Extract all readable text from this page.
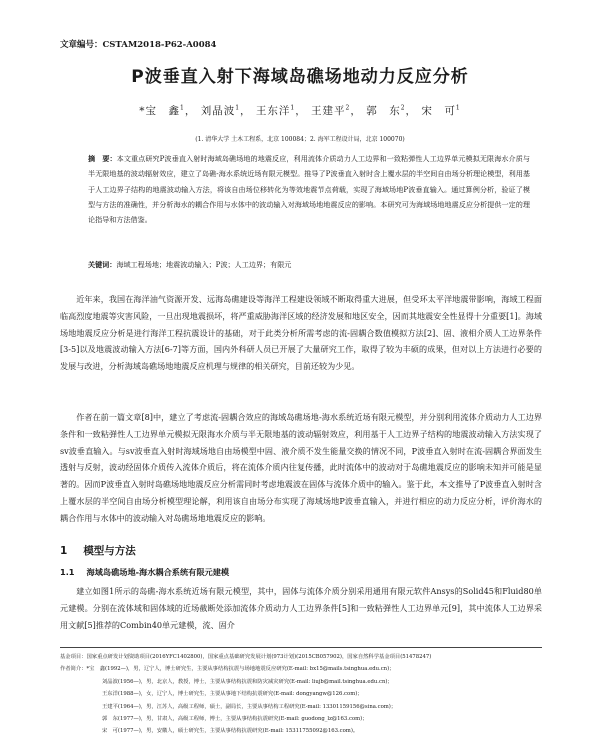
文章编号：CSTAM2018-P62-A0084
P波垂直入射下海域岛礁场地动力反应分析
*宝　鑫$^1$， 刘晶波$^1$， 王东洋$^1$， 王建平$^2$， 郭　东$^2$， 宋　可$^1$
(1. 清华大学 土木工程系，北京 100084；2. 海军工程设计局，北京 100070)
摘　要：本文重点研究P波垂直入射时海域岛礁场地的地震反应，利用流体介质动力人工边界和一致粘弹性人工边界单元模拟无限海水介质与半无限地基的波动辐射效应，建立了岛礁-海水系统近场有限元模型。推导了P波垂直入射时含上覆水层的半空间自由场分析理论模型，利用基于人工边界子结构的地震波动输入方法，将该自由场位移转化为等效地震节点荷载，实现了海域场地P波垂直输入。通过算例分析，验证了模型与方法的准确性，并分析海水的耦合作用与水体中的波动输入对海域场地地震反应的影响。本研究可为海域场地地震反应分析提供一定的理论指导和方法借鉴。
关键词：海域工程场地；地震波动输入；P波；人工边界；有限元

近年来，我国在海洋油气资源开发、远海岛礁建设等海洋工程建设领域不断取得重大进展，但受环太平洋地震带影响，海域工程面临高烈度地震等灾害风险，一旦出现地震损坏，将严重威胁海洋区域的经济发展和地区安全，因而其地震安全性显得十分重要[1]。海域场地地震反应分析是进行海洋工程抗震设计的基础，对于此类分析所需考虑的流-固耦合数值模拟方法[2]、固、液相介质人工边界条件[3-5]以及地震波动输入方法[6-7]等方面，国内外科研人员已开展了大量研究工作，取得了较为丰硕的成果，但对以上方法进行必要的发展与改进，分析海域岛礁场地地震反应机理与规律的相关研究，目前还较为少见。

作者在前一篇文章[8]中，建立了考虑流-固耦合效应的海域岛礁场地-海水系统近场有限元模型，并分别利用流体介质动力人工边界条件和一致粘弹性人工边界单元模拟无限海水介质与半无限地基的波动辐射效应，利用基于人工边界子结构的地震波动输入方法实现了sv波垂直输入。与sv波垂直入射时海域场地自由场模型中固、液介质不发生能量交换的情况不同，P波垂直入射时在流-固耦合界面发生透射与反射，波动经固体介质传入流体介质后，将在流体介质内往复传播，此时流体中的波动对于岛礁地震反应的影响未知并可能是显著的。因而P波垂直入射时岛礁场地地震反应分析需同时考虑地震波在固体与流体介质中的输入。鉴于此，本文推导了P波垂直入射时含上覆水层的半空间自由场分析模型理论解，利用该自由场分布实现了海域场地P波垂直输入，并进行相应的动力反应分析，评价海水的耦合作用与水体中的波动输入对岛礁场地地震反应的影响。

1 模型与方法
1.1 海域岛礁场地-海水耦合系统有限元建模

建立如图1所示的岛礁-海水系统近场有限元模型，其中，固体与流体介质分别采用通用有限元软件Ansys的Solid45和Fluid80单元建模。分别在流体域和固体域的近场截断处添加流体介质动力人工边界条件[5]和一致粘弹性人工边界单元[9]，其中流体人工边界采用文献[5]推荐的Combin40单元建模，流、固介

基金项目：国家重点研发计划资助项目(2016YFC1402800)，国家重点基础研究发展计划(973计划)(2015CB057902)，国家自然科学基金项目(51478247)
作者简介：*宝　鑫(1992—)，男，辽宁人，博士研究生，主要从事结构抗震与场地地震反应研究(E-mail: bx15@mails.tsinghua.edu.cn)；
刘晶波(1956—)，男，北京人，教授，博士，主要从事结构抗震和防灾减灾研究(E-mail: liujb@mail.tsinghua.edu.cn)；
王东洋(1988—)，女，辽宁人，博士研究生，主要从事地下结构抗震研究(E-mail: dongyangw@126.com)；
王建平(1964—)，男，江苏人，高级工程师，硕士，副局长，主要从事结构工程研究(E-mail: 13301159156@sina.com)；
郭　东(1977—)，男，甘肃人，高级工程师，博士，主要从事结构抗震研究(E-mail: guodong_lz@163.com)；
宋　可(1977—)，男，安徽人，硕士研究生，主要从事结构抗震研究(E-mail: 15311755092@163.com)。
